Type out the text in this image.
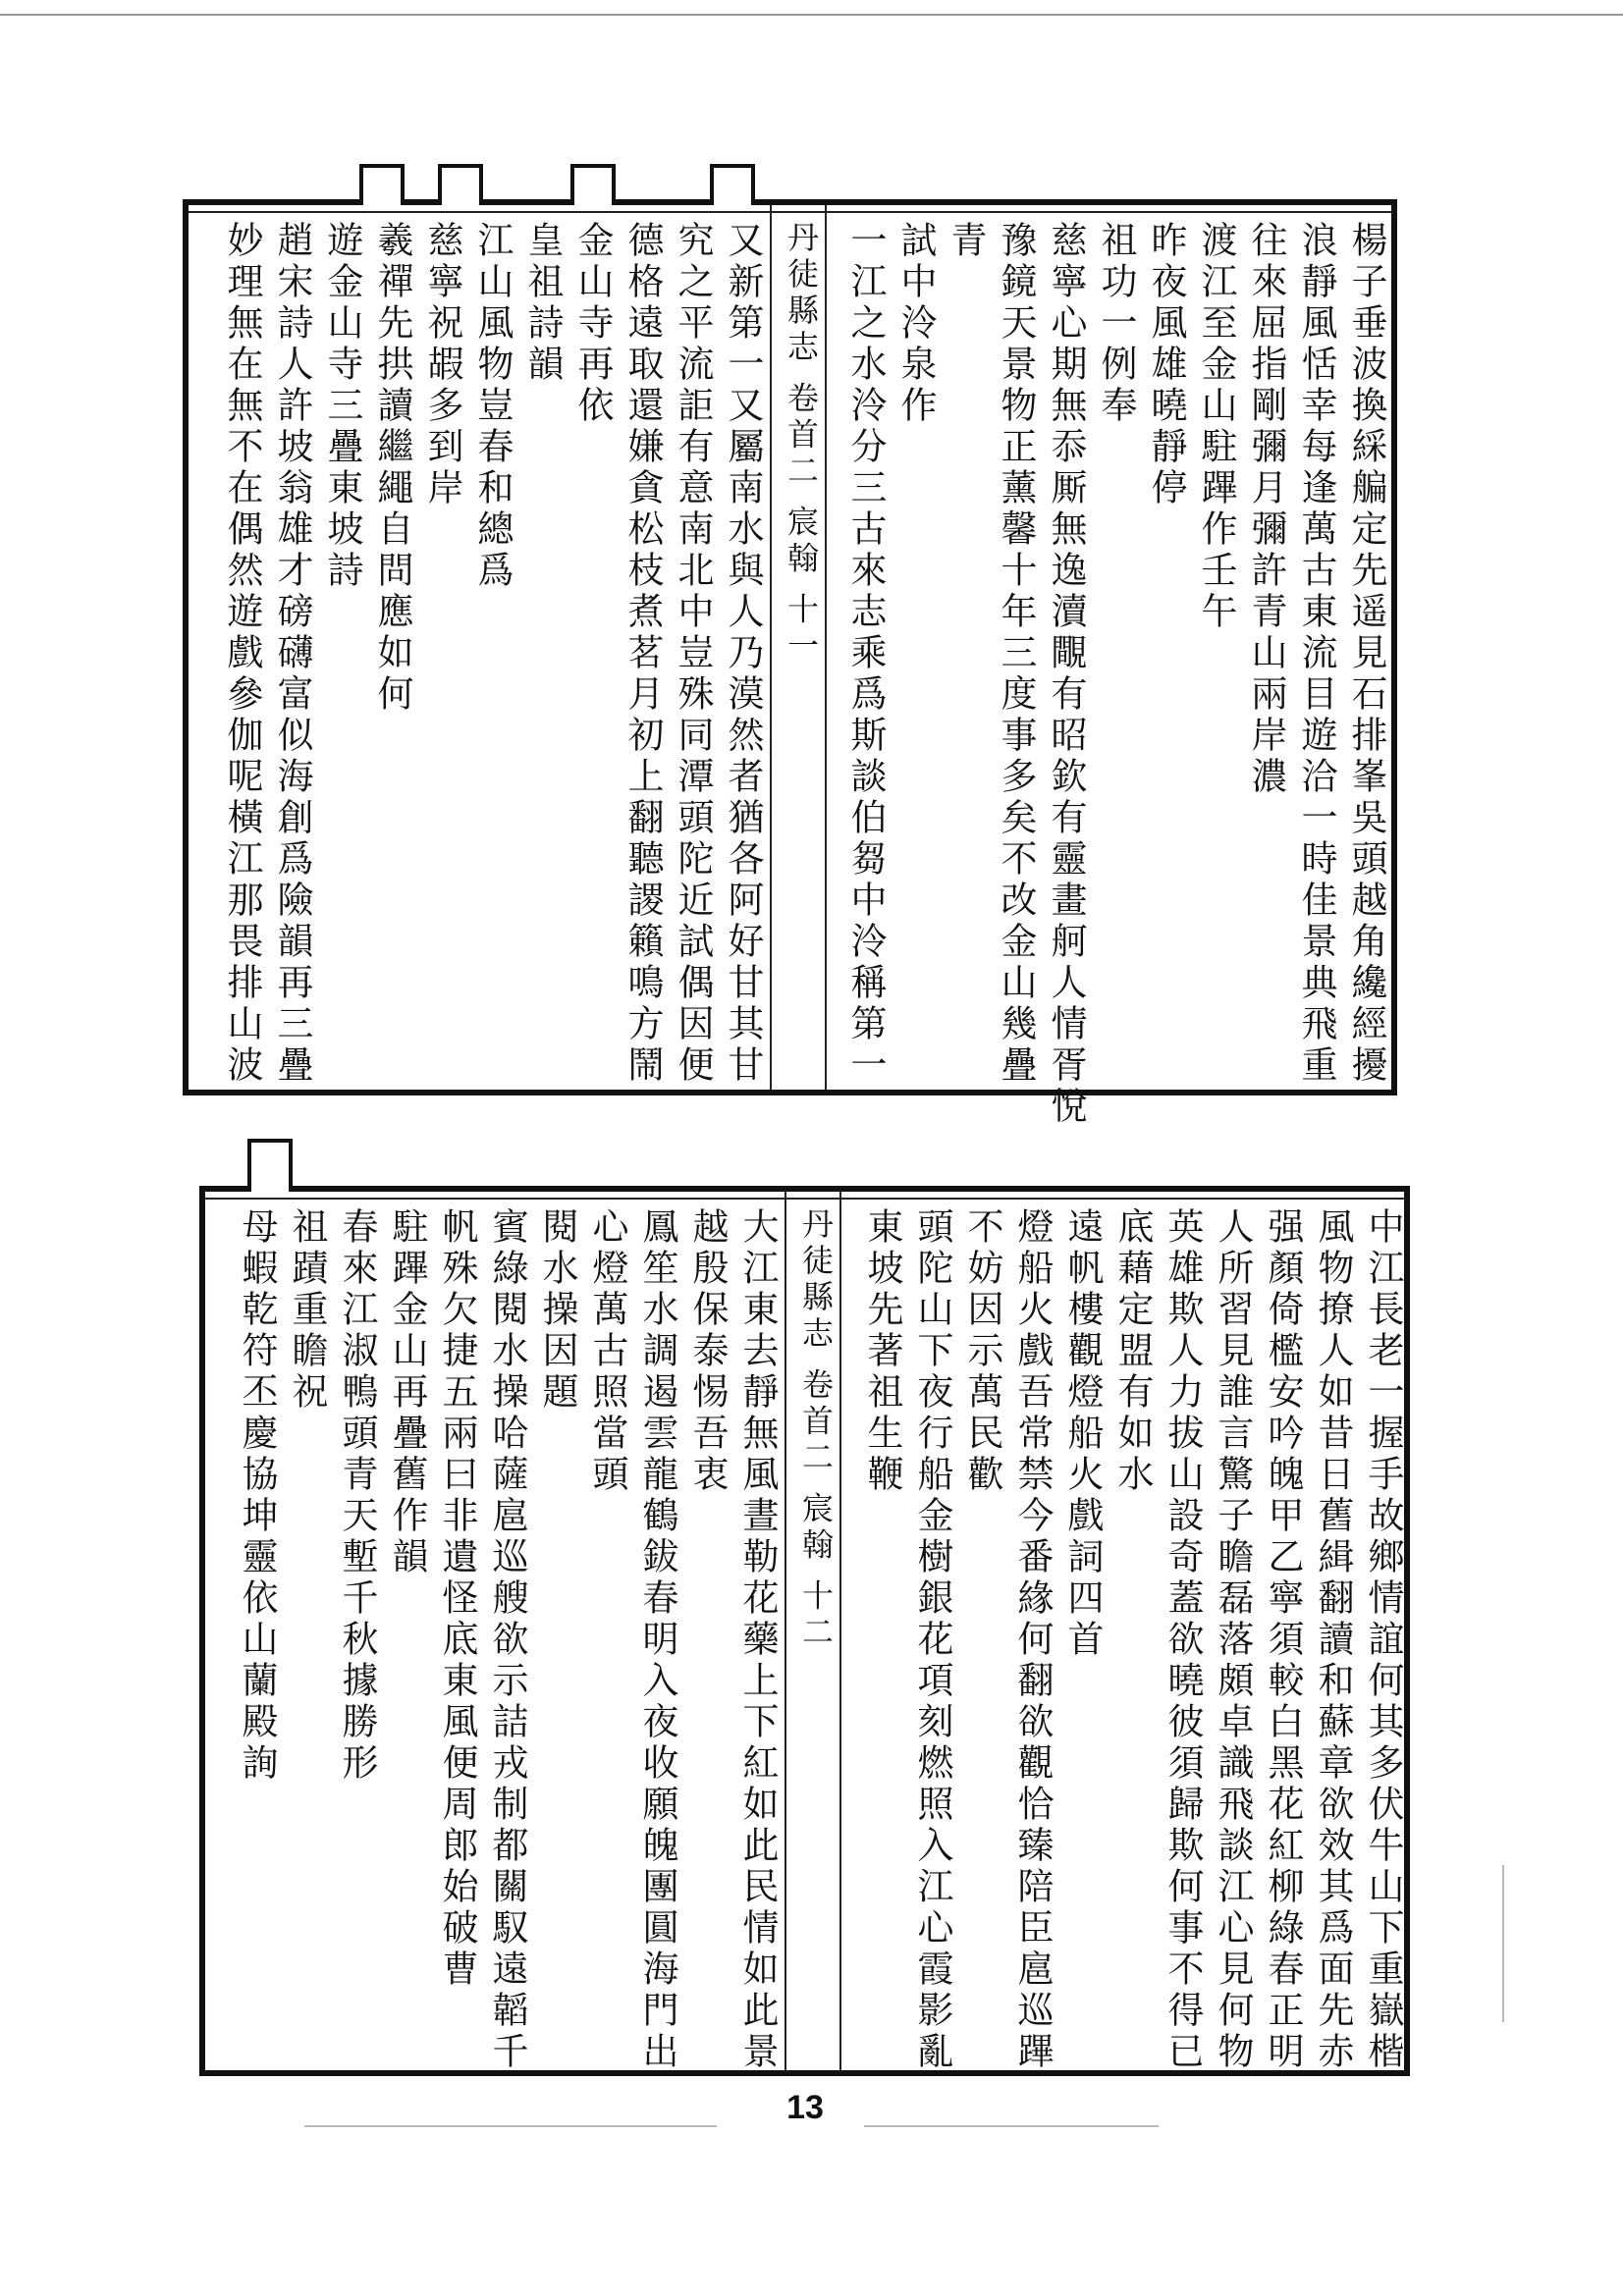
楊子垂波換綵艑定先遥見石排峯吳頭越角纔經擾
浪靜風恬幸每逢萬古東流目遊洽一時佳景典飛重
往來屈指剛彌月彌許青山兩岸濃
渡江至金山駐蹕作壬午
昨夜風雄曉靜停
祖功一例奉
慈寧心期無忝厮無逸瀆覸有昭欽有靈畫舸人情胥悅
豫鏡天景物正薰馨十年三度事多矣不改金山幾疊
青
試中泠泉作
一江之水泠分三古來志乘爲斯談伯芻中泠稱第一
丹徒縣志 卷首二 宸翰 十一
又新第一又屬南水與人乃漠然者猶各阿好甘其甘
究之平流詎有意南北中豈殊同潭頭陀近試偶因便
德格遠取還嫌貪松枝煮茗月初上翻聽謖籟鳴方鬧
金山寺再依
皇祖詩韻
江山風物豈春和總爲
慈寧祝嘏多到岸
羲禪先拱讀繼繩自問應如何
遊金山寺三疊東坡詩
趙宋詩人許坡翁雄才磅礴富似海創爲險韻再三疊
妙理無在無不在偶然遊戲參伽呢橫江那畏排山波
中江長老一握手故鄉情誼何其多伏牛山下重嶽楷
風物撩人如昔日舊緝翻讀和蘇章欲效其爲面先赤
强顏倚檻安吟魄甲乙寧須較白黑花紅柳綠春正明
人所習見誰言驚子瞻磊落頗卓識飛談江心見何物
英雄欺人力拔山設奇蓋欲曉彼須歸欺何事不得已
底藉定盟有如水
遠帆樓觀燈船火戲詞四首
燈船火戲吾常禁今番緣何翻欲觀恰臻陪臣扈巡蹕
不妨因示萬民歡
頭陀山下夜行船金樹銀花項刻燃照入江心霞影亂
東坡先著祖生鞭
丹徒縣志 卷首二 宸翰 十二
大江東去靜無風晝勒花藥上下紅如此民情如此景
越殷保泰惕吾衷
鳳笙水調遏雲龍鶴鈸春明入夜收願魄團圓海門出
心燈萬古照當頭
閱水操因題
賓綠閱水操哈薩扈巡艘欲示詰戎制都關馭遠韜千
帆殊欠捷五兩曰非遺怪底東風便周郎始破曹
駐蹕金山再疊舊作韻
春來江淑鴨頭青天塹千秋據勝形
祖蹟重瞻祝
母蝦乾符丕慶協坤靈依山蘭殿詢
13
